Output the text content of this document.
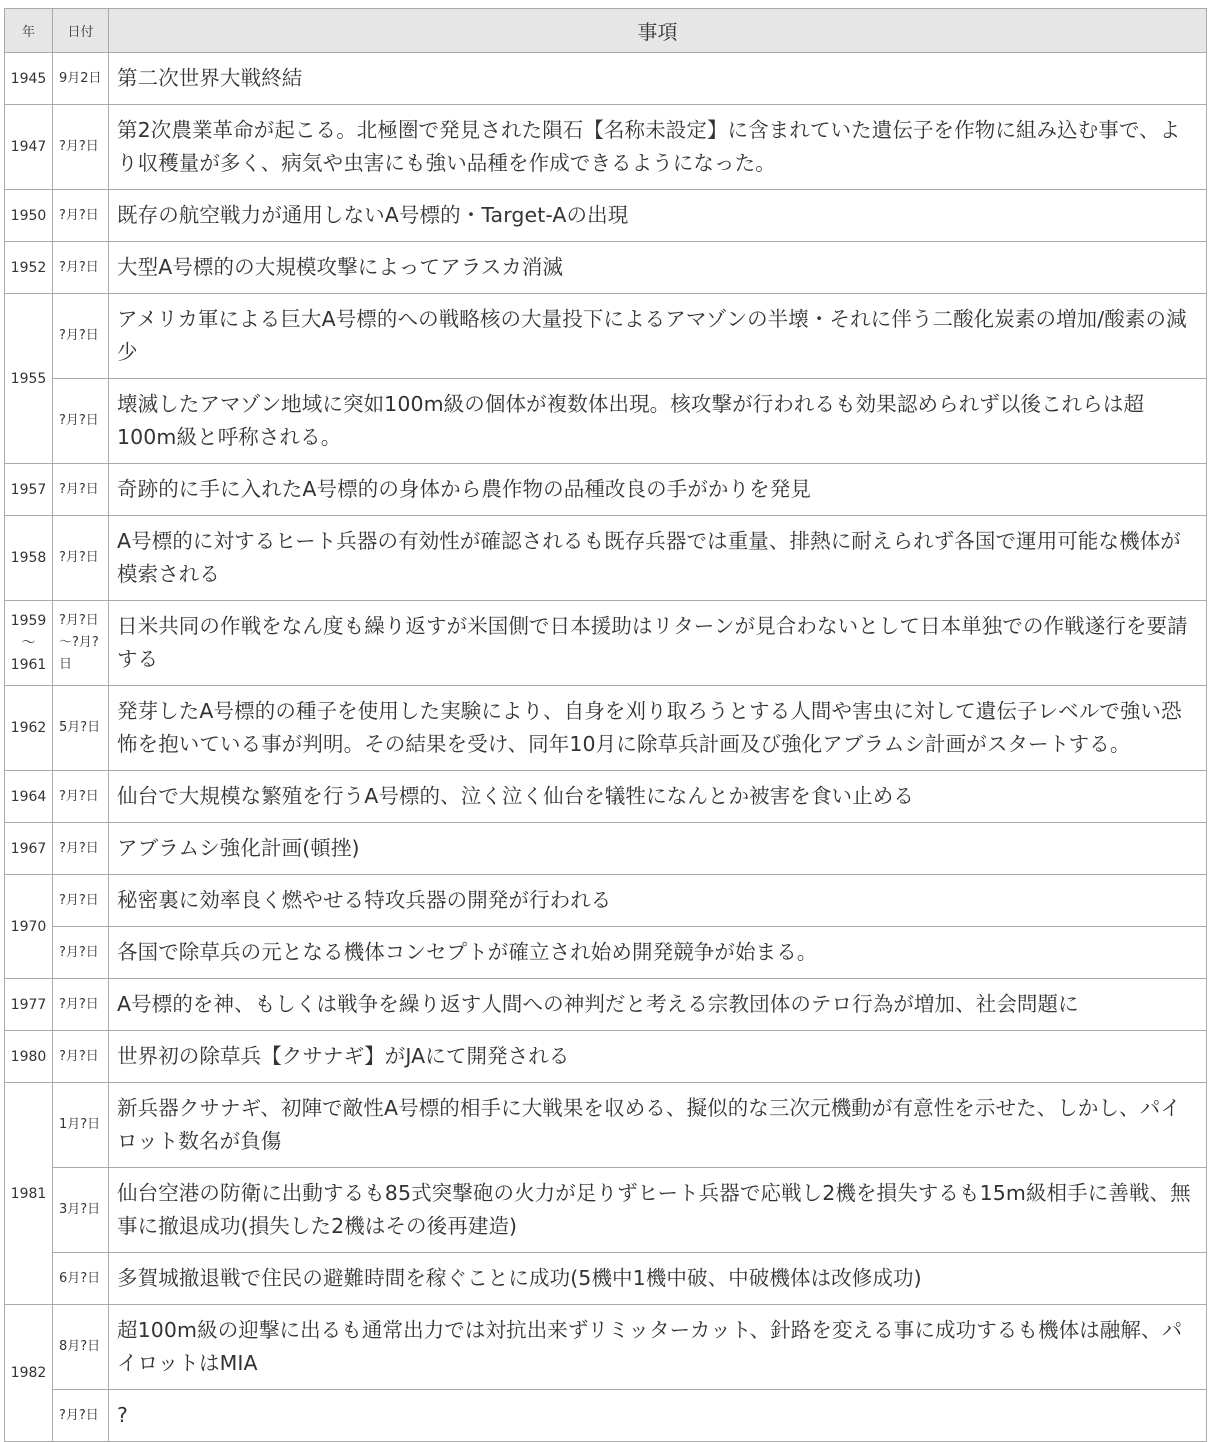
年	日付	事項
1945	9月2日	第二次世界大戦終結
1947	?月?日	第2次農業革命が起こる。北極圏で発見された隕石【名称未設定】に含まれていた遺伝子を作物に組み込む事で、より収穫量が多く、病気や虫害にも強い品種を作成できるようになった。
1950	?月?日	既存の航空戦力が通用しないA号標的・Target-Aの出現
1952	?月?日	大型A号標的の大規模攻撃によってアラスカ消滅
1955	?月?日	アメリカ軍による巨大A号標的への戦略核の大量投下によるアマゾンの半壊・それに伴う二酸化炭素の増加/酸素の減少
	?月?日	壊滅したアマゾン地域に突如100m級の個体が複数体出現。核攻撃が行われるも効果認められず以後これらは超100m級と呼称される。
1957	?月?日	奇跡的に手に入れたA号標的の身体から農作物の品種改良の手がかりを発見
1958	?月?日	A号標的に対するヒート兵器の有効性が確認されるも既存兵器では重量、排熱に耐えられず各国で運用可能な機体が模索される
1959～1961	?月?日～?月?日	日米共同の作戦をなん度も繰り返すが米国側で日本援助はリターンが見合わないとして日本単独での作戦遂行を要請する
1962	5月?日	発芽したA号標的の種子を使用した実験により、自身を刈り取ろうとする人間や害虫に対して遺伝子レベルで強い恐怖を抱いている事が判明。その結果を受け、同年10月に除草兵計画及び強化アブラムシ計画がスタートする。
1964	?月?日	仙台で大規模な繁殖を行うA号標的、泣く泣く仙台を犠牲になんとか被害を食い止める
1967	?月?日	アブラムシ強化計画(頓挫)
1970	?月?日	秘密裏に効率良く燃やせる特攻兵器の開発が行われる
	?月?日	各国で除草兵の元となる機体コンセプトが確立され始め開発競争が始まる。
1977	?月?日	A号標的を神、もしくは戦争を繰り返す人間への神判だと考える宗教団体のテロ行為が増加、社会問題に
1980	?月?日	世界初の除草兵【クサナギ】がJAにて開発される
1981	1月?日	新兵器クサナギ、初陣で敵性A号標的相手に大戦果を収める、擬似的な三次元機動が有意性を示せた、しかし、パイロット数名が負傷
	3月?日	仙台空港の防衛に出動するも85式突撃砲の火力が足りずヒート兵器で応戦し2機を損失するも15m級相手に善戦、無事に撤退成功(損失した2機はその後再建造)
	6月?日	多賀城撤退戦で住民の避難時間を稼ぐことに成功(5機中1機中破、中破機体は改修成功)
1982	8月?日	超100m級の迎撃に出るも通常出力では対抗出来ずリミッターカット、針路を変える事に成功するも機体は融解、パイロットはMIA
	?月?日	?
